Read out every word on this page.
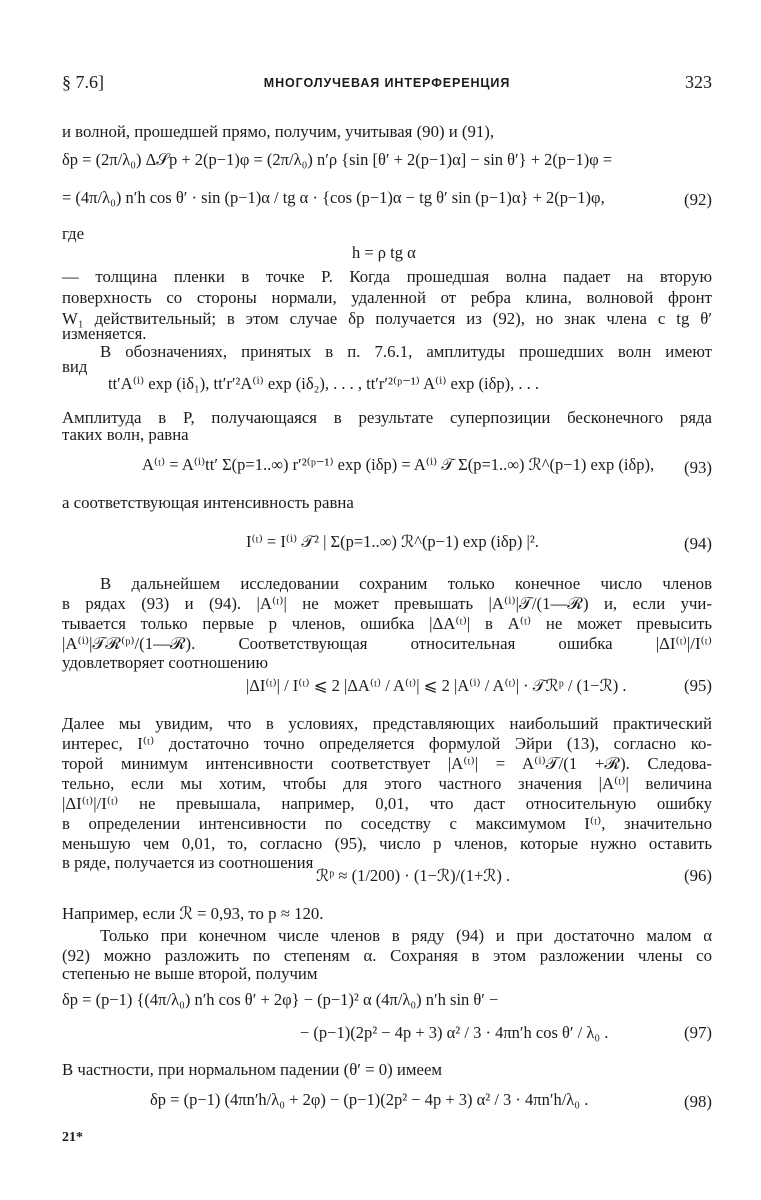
§ 7.6]	МНОГОЛУЧЕВАЯ ИНТЕРФЕРЕНЦИЯ	323
и волной, прошедшей прямо, получим, учитывая (90) и (91),
δp = (2π/λ₀) Δ𝒮p + 2(p−1)φ = (2π/λ₀) n′ρ {sin [θ′ + 2(p−1)α] − sin θ′} + 2(p−1)φ =
= (4π/λ₀) n′h cos θ′ · sin (p−1)α / tg α · {cos (p−1)α − tg θ′ sin (p−1)α} + 2(p−1)φ,	(92)
где
h = ρ tg α
— толщина пленки в точке P. Когда прошедшая волна падает на вторую
поверхность со стороны нормали, удаленной от ребра клина, волновой фронт
W₁ действительный; в этом случае δp получается из (92), но знак члена с tg θ′
изменяется.
В обозначениях, принятых в п. 7.6.1, амплитуды прошедших волн имеют
вид
tt′A⁽ⁱ⁾ exp (iδ₁), tt′r′²A⁽ⁱ⁾ exp (iδ₂), . . . , tt′r′²⁽ᵖ⁻¹⁾ A⁽ⁱ⁾ exp (iδp), . . .
Амплитуда в P, получающаяся в результате суперпозиции бесконечного ряда
таких волн, равна
A⁽ᵗ⁾ = A⁽ⁱ⁾tt′ Σ(p=1..∞) r′²⁽ᵖ⁻¹⁾ exp (iδp) = A⁽ⁱ⁾ 𝒯 Σ(p=1..∞) ℛ^(p−1) exp (iδp), (93)
а соответствующая интенсивность равна
I⁽ᵗ⁾ = I⁽ⁱ⁾ 𝒯² | Σ(p=1..∞) ℛ^(p−1) exp (iδp) |².	(94)
В дальнейшем исследовании сохраним только конечное число членов
в рядах (93) и (94). |A⁽ᵗ⁾| не может превышать |A⁽ⁱ⁾|𝒯/(1—ℛ) и, если учи-
тывается только первые p членов, ошибка |ΔA⁽ᵗ⁾| в A⁽ᵗ⁾ не может превысить
|A⁽ⁱ⁾|𝒯ℛ⁽ᵖ⁾/(1—ℛ). Соответствующая относительная ошибка |ΔI⁽ᵗ⁾|/I⁽ᵗ⁾
удовлетворяет соотношению
|ΔI⁽ᵗ⁾| / I⁽ᵗ⁾ ⩽ 2 |ΔA⁽ᵗ⁾ / A⁽ᵗ⁾| ⩽ 2 |A⁽ⁱ⁾ / A⁽ᵗ⁾| · 𝒯ℛᵖ / (1−ℛ) .	(95)
Далее мы увидим, что в условиях, представляющих наибольший практический
интерес, I⁽ᵗ⁾ достаточно точно определяется формулой Эйри (13), согласно ко-
торой минимум интенсивности соответствует |A⁽ᵗ⁾| = A⁽ⁱ⁾𝒯/(1 +ℛ). Следова-
тельно, если мы хотим, чтобы для этого частного значения |A⁽ᵗ⁾| величина
|ΔI⁽ᵗ⁾|/I⁽ᵗ⁾ не превышала, например, 0,01, что даст относительную ошибку
в определении интенсивности по соседству с максимумом I⁽ᵗ⁾, значительно
меньшую чем 0,01, то, согласно (95), число p членов, которые нужно оставить
в ряде, получается из соотношения
ℛᵖ ≈ (1/200) · (1−ℛ)/(1+ℛ) .	(96)
Например, если ℛ = 0,93, то p ≈ 120.
Только при конечном числе членов в ряду (94) и при достаточно малом α
(92) можно разложить по степеням α. Сохраняя в этом разложении члены со
степенью не выше второй, получим
δp = (p−1) {(4π/λ₀) n′h cos θ′ + 2φ} − (p−1)² α (4π/λ₀) n′h sin θ′ −
− (p−1)(2p² − 4p + 3) α² / 3 · 4πn′h cos θ′ / λ₀ .	(97)
В частности, при нормальном падении (θ′ = 0) имеем
δp = (p−1) (4πn′h/λ₀ + 2φ) − (p−1)(2p² − 4p + 3) α² / 3 · 4πn′h/λ₀ .	(98)
21*
